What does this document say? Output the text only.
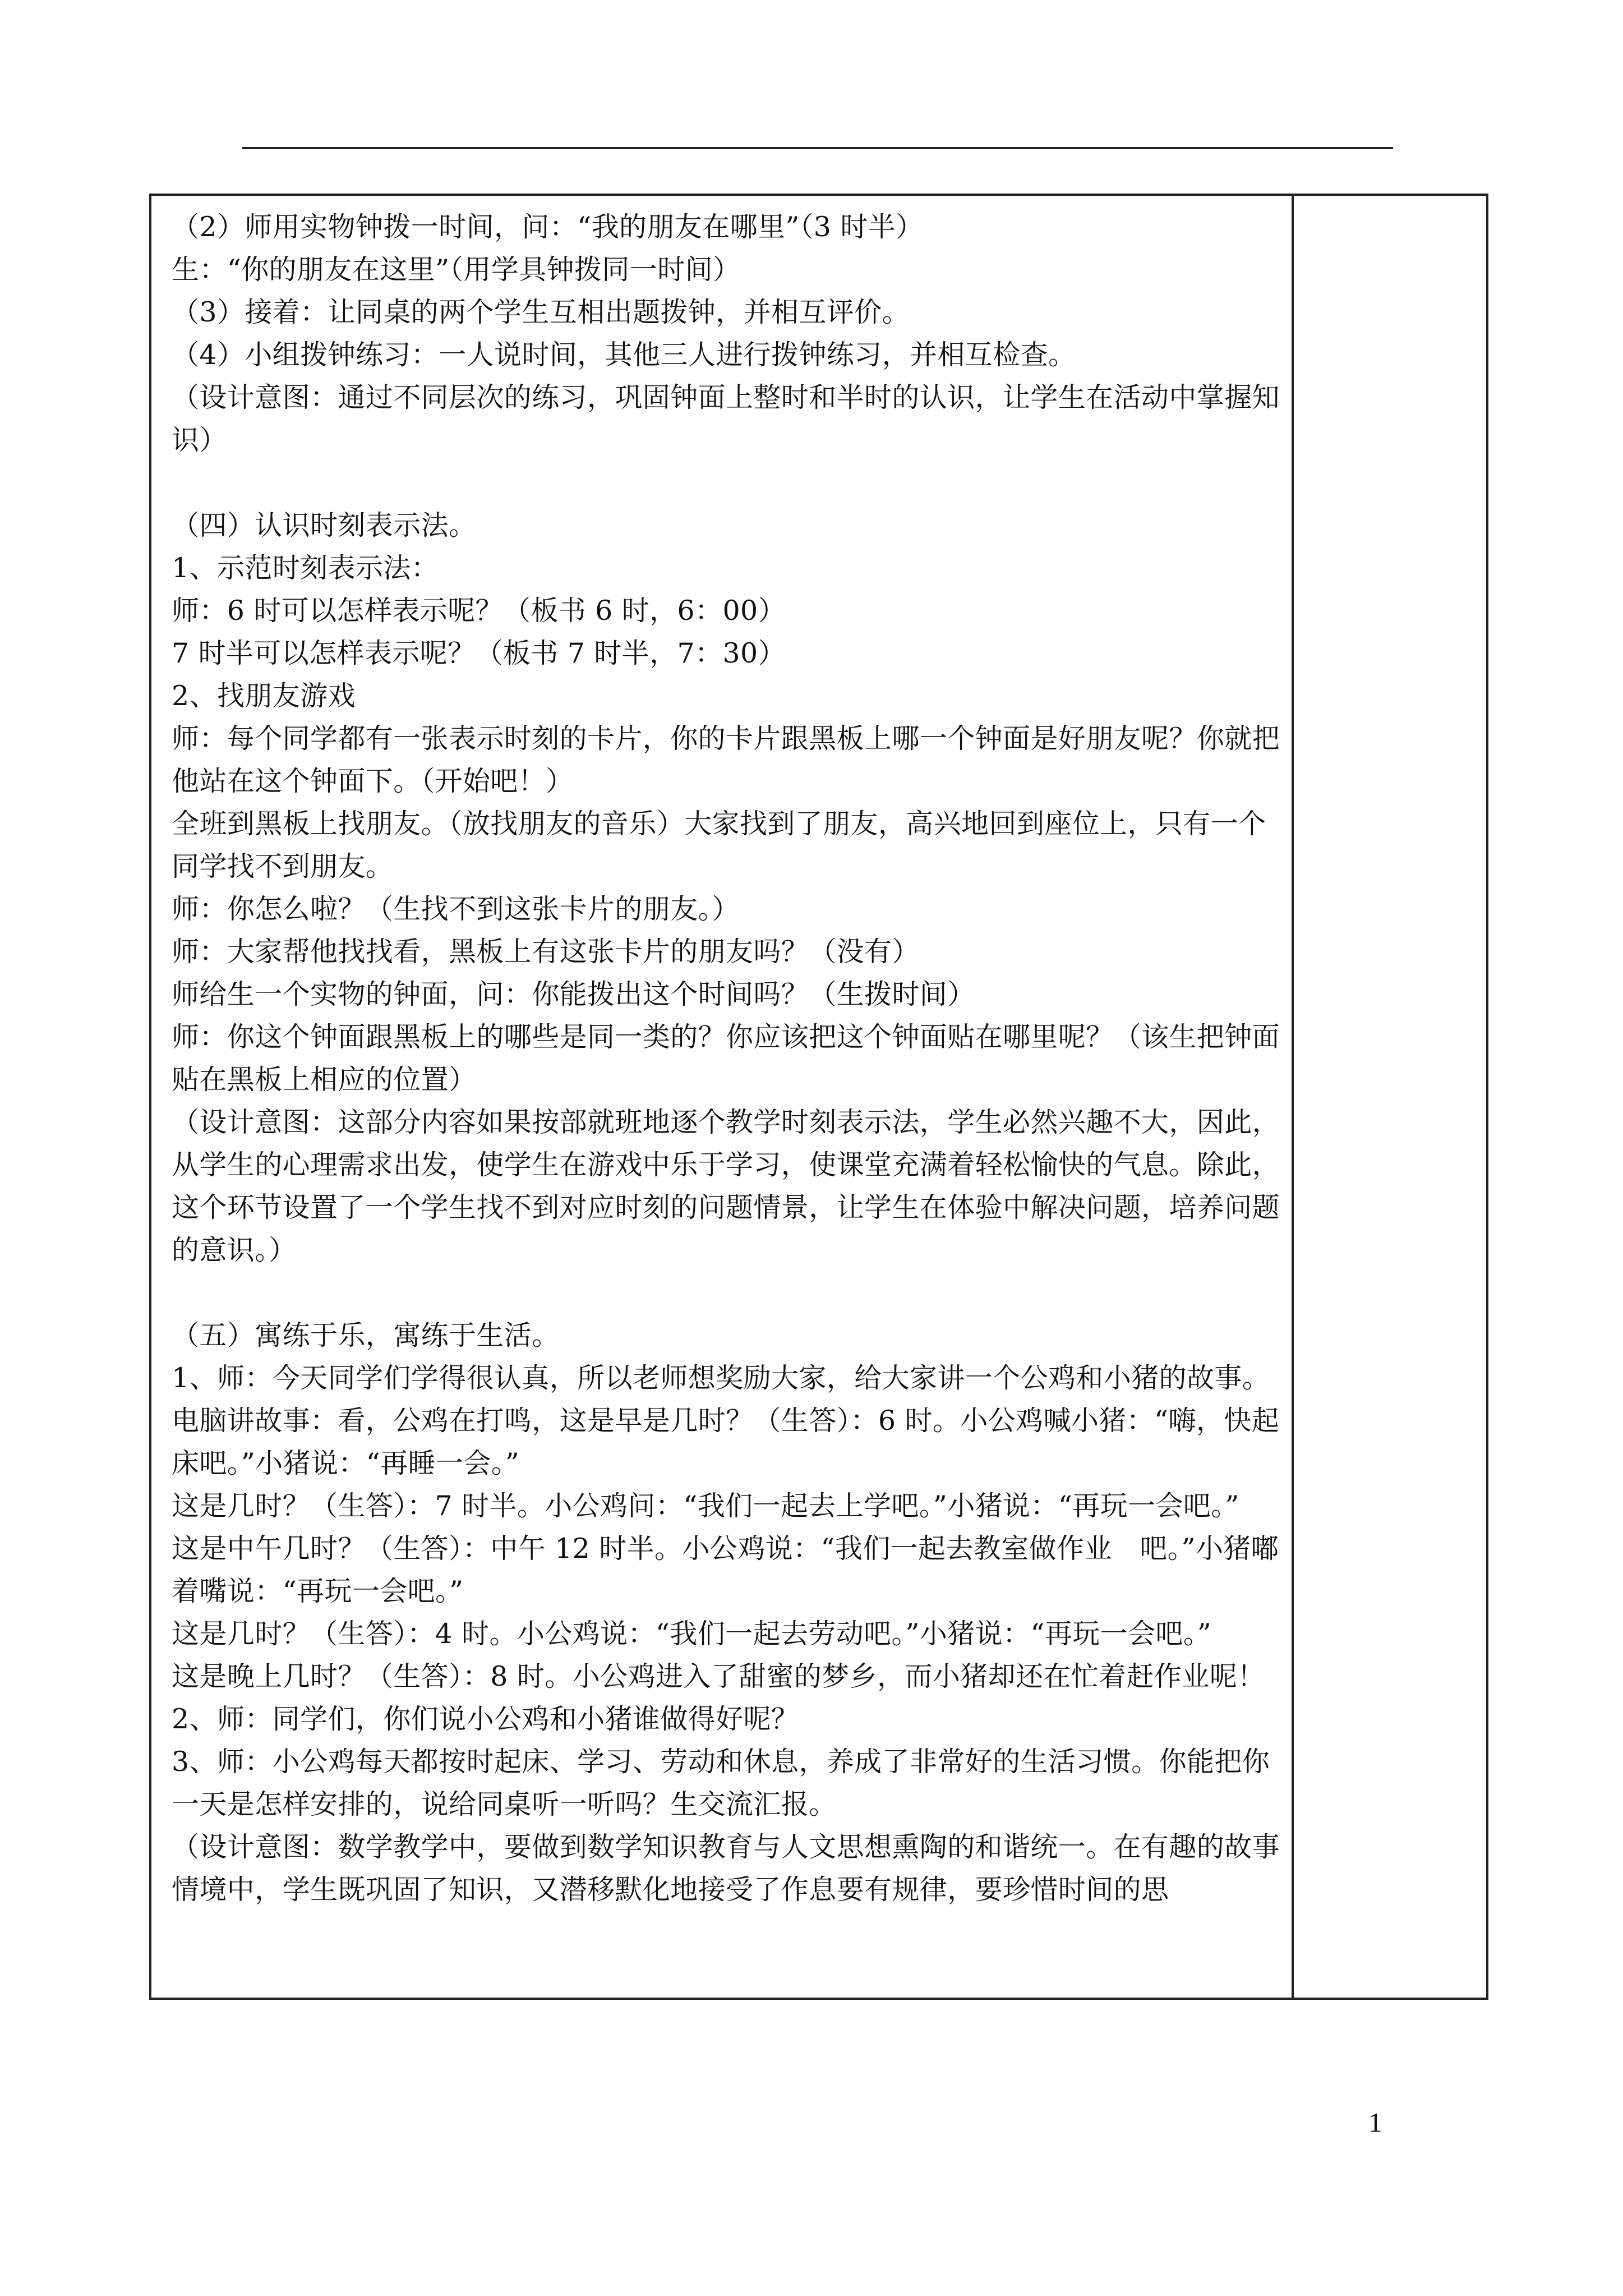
（2）师用实物钟拨一时间，问：“我的朋友在哪里”（3 时半）
生：“你的朋友在这里”（用学具钟拨同一时间）
（3）接着：让同桌的两个学生互相出题拨钟，并相互评价。
（4）小组拨钟练习：一人说时间，其他三人进行拨钟练习，并相互检查。
（设计意图：通过不同层次的练习，巩固钟面上整时和半时的认识，让学生在活动中掌握知识）
（四）认识时刻表示法。
1、示范时刻表示法：
师：6 时可以怎样表示呢？（板书 6 时，6：00）
7 时半可以怎样表示呢？（板书 7 时半，7：30）
2、找朋友游戏
师：每个同学都有一张表示时刻的卡片，你的卡片跟黑板上哪一个钟面是好朋友呢？你就把他站在这个钟面下。（开始吧！）
全班到黑板上找朋友。（放找朋友的音乐）大家找到了朋友，高兴地回到座位上，只有一个同学找不到朋友。
师：你怎么啦？（生找不到这张卡片的朋友。）
师：大家帮他找找看，黑板上有这张卡片的朋友吗？（没有）
师给生一个实物的钟面，问：你能拨出这个时间吗？（生拨时间）
师：你这个钟面跟黑板上的哪些是同一类的？你应该把这个钟面贴在哪里呢？（该生把钟面贴在黑板上相应的位置）
（设计意图：这部分内容如果按部就班地逐个教学时刻表示法，学生必然兴趣不大，因此，从学生的心理需求出发，使学生在游戏中乐于学习，使课堂充满着轻松愉快的气息。除此，这个环节设置了一个学生找不到对应时刻的问题情景，让学生在体验中解决问题，培养问题的意识。）
（五）寓练于乐，寓练于生活。
1、师：今天同学们学得很认真，所以老师想奖励大家，给大家讲一个公鸡和小猪的故事。电脑讲故事：看，公鸡在打鸣，这是早是几时？（生答）：6 时。小公鸡喊小猪：“嗨，快起床吧。”小猪说：“再睡一会。”
这是几时？（生答）：7 时半。小公鸡问：“我们一起去上学吧。”小猪说：“再玩一会吧。”
这是中午几时？（生答）：中午 12 时半。小公鸡说：“我们一起去教室做作业　吧。”小猪嘟着嘴说：“再玩一会吧。”
这是几时？（生答）：4 时。小公鸡说：“我们一起去劳动吧。”小猪说：“再玩一会吧。”
这是晚上几时？（生答）：8 时。小公鸡进入了甜蜜的梦乡，而小猪却还在忙着赶作业呢！
2、师：同学们，你们说小公鸡和小猪谁做得好呢？
3、师：小公鸡每天都按时起床、学习、劳动和休息，养成了非常好的生活习惯。你能把你一天是怎样安排的，说给同桌听一听吗？生交流汇报。
（设计意图：数学教学中，要做到数学知识教育与人文思想熏陶的和谐统一。在有趣的故事情境中，学生既巩固了知识，又潜移默化地接受了作息要有规律，要珍惜时间的思
1
